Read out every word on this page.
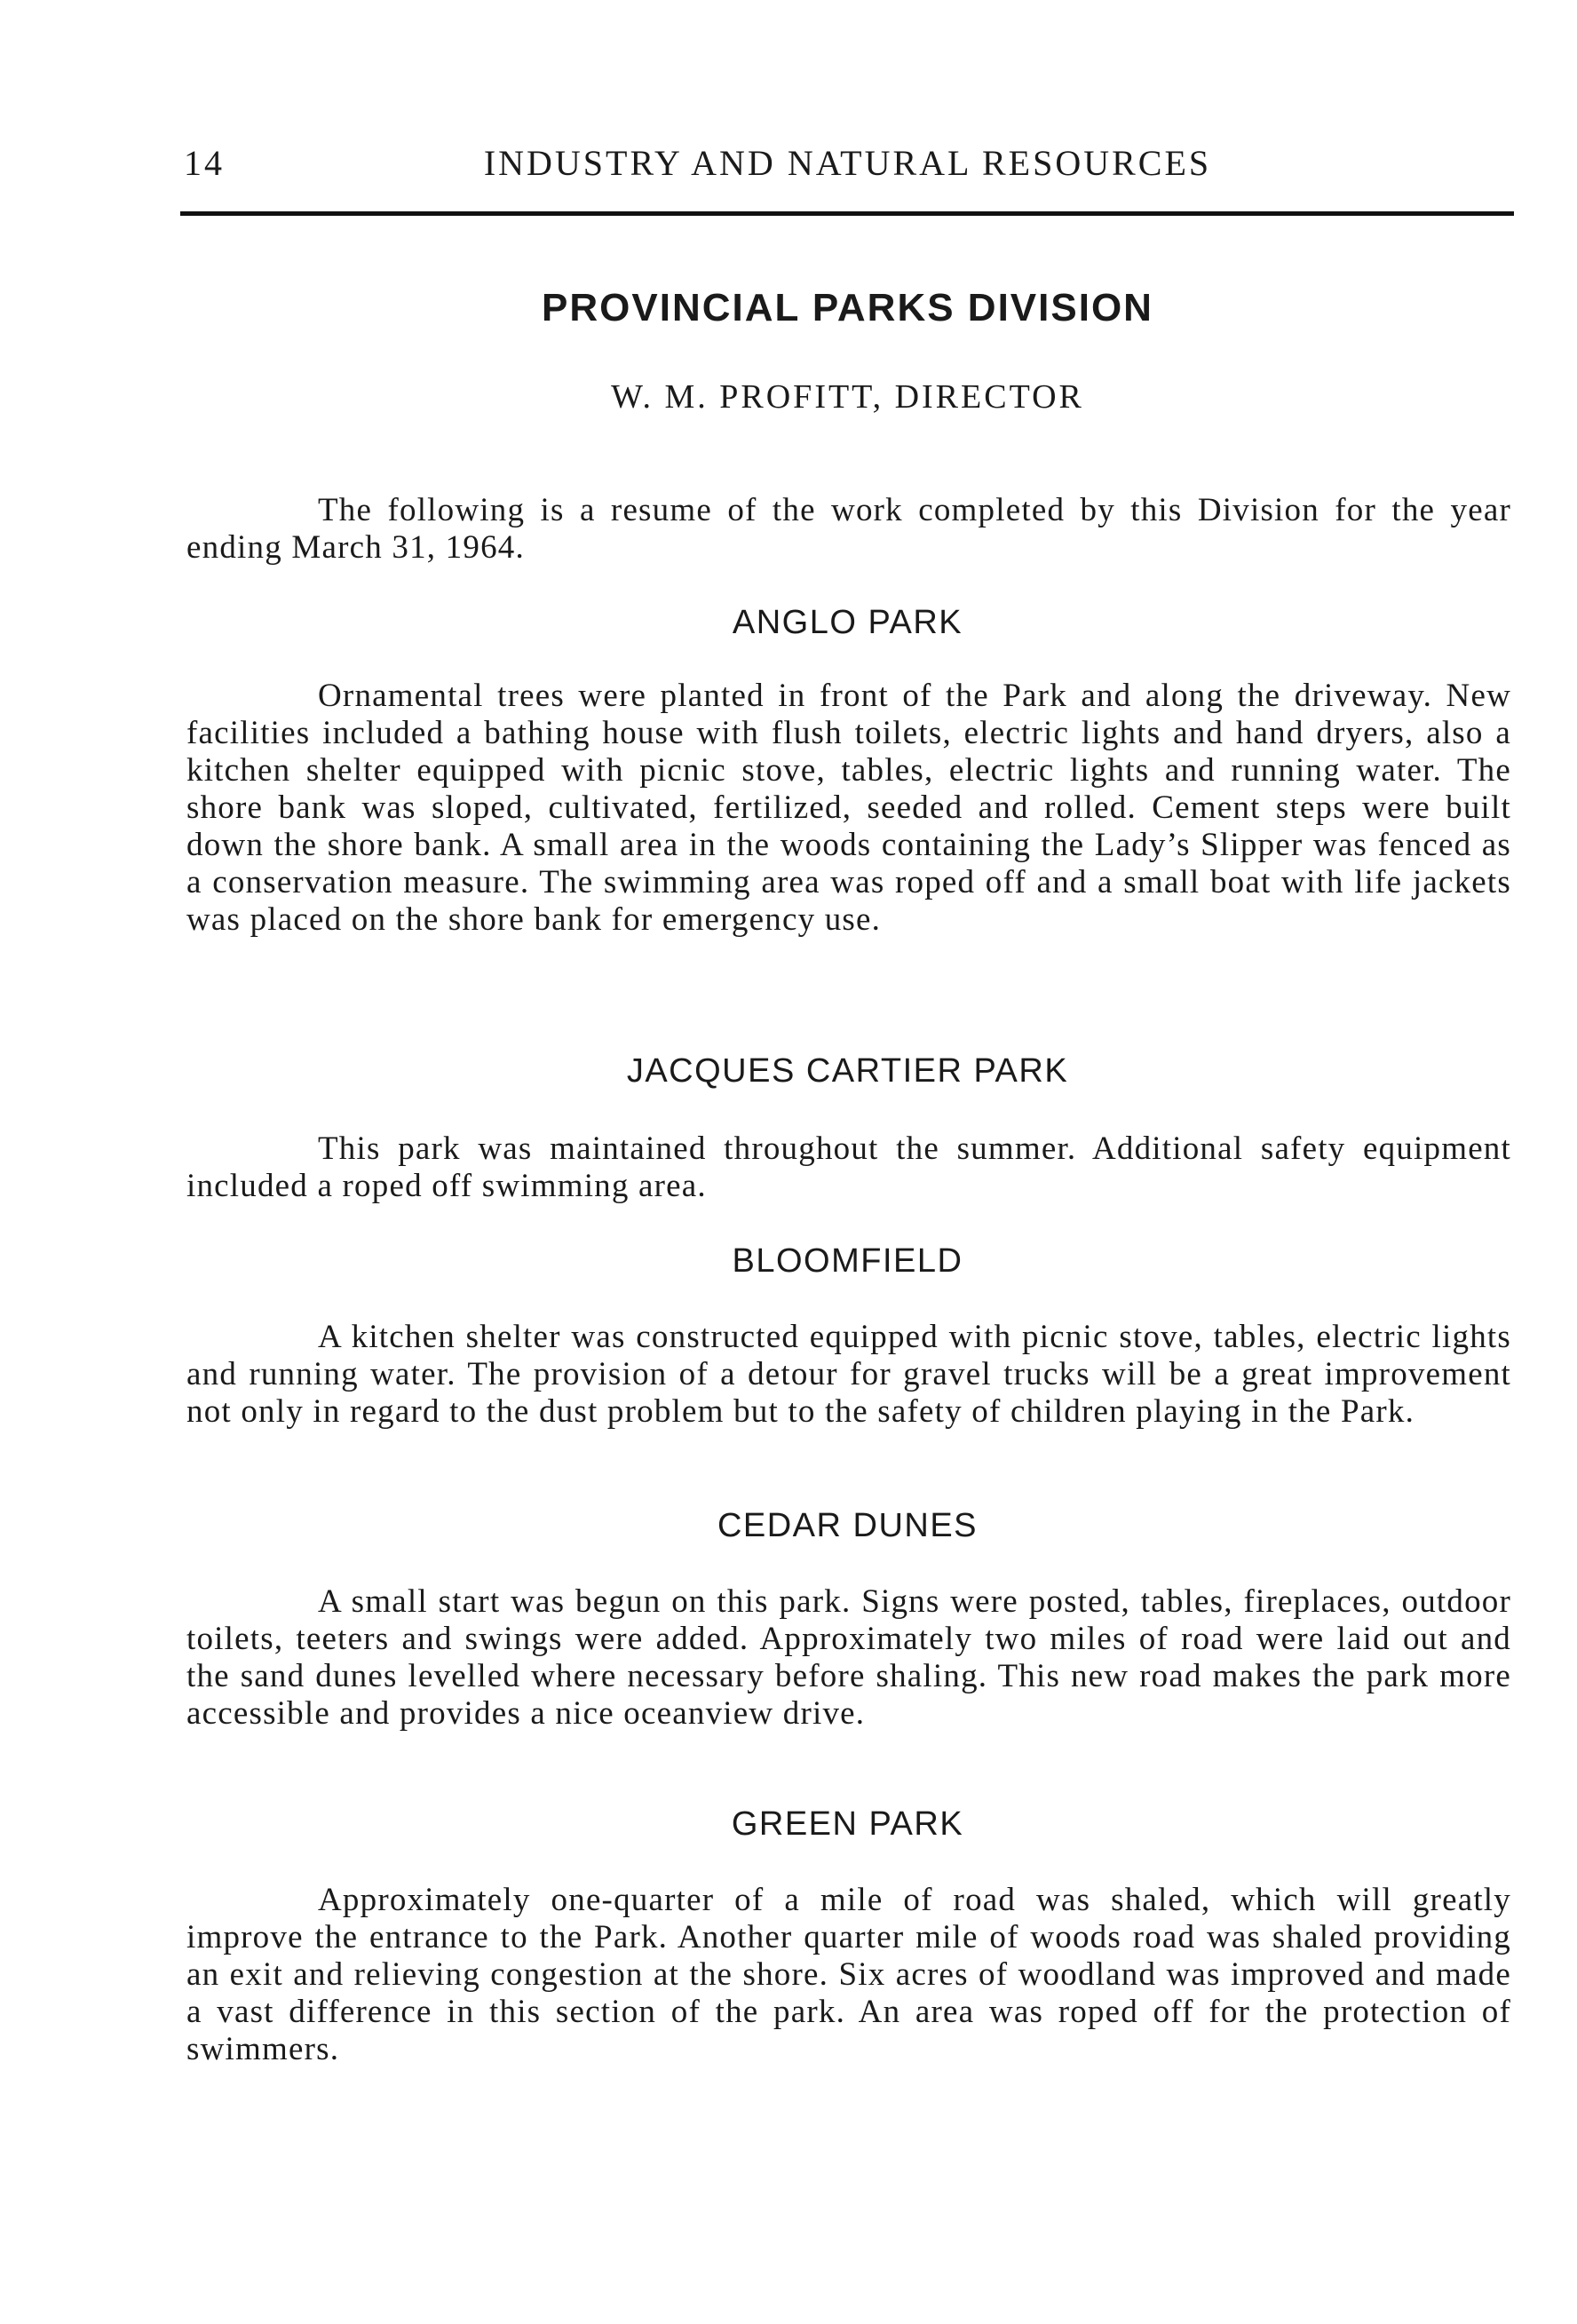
14	INDUSTRY AND NATURAL RESOURCES
PROVINCIAL PARKS DIVISION
W. M. PROFITT, DIRECTOR

The following is a resume of the work completed by this Division for the year ending March 31, 1964.

ANGLO PARK

Ornamental trees were planted in front of the Park and along the driveway. New facilities included a bathing house with flush toilets, electric lights and hand dryers, also a kitchen shelter equipped with picnic stove, tables, electric lights and running water. The shore bank was sloped, cultivated, fertilized, seeded and rolled. Cement steps were built down the shore bank. A small area in the woods containing the Lady’s Slipper was fenced as a conservation measure. The swimming area was roped off and a small boat with life jackets was placed on the shore bank for emergency use.

JACQUES CARTIER PARK

This park was maintained throughout the summer. Additional safety equipment included a roped off swimming area.

BLOOMFIELD

A kitchen shelter was constructed equipped with picnic stove, tables, electric lights and running water. The provision of a detour for gravel trucks will be a great improvement not only in regard to the dust problem but to the safety of children playing in the Park.

CEDAR DUNES

A small start was begun on this park. Signs were posted, tables, fireplaces, outdoor toilets, teeters and swings were added. Approximately two miles of road were laid out and the sand dunes levelled where necessary before shaling. This new road makes the park more accessible and provides a nice oceanview drive.

GREEN PARK

Approximately one-quarter of a mile of road was shaled, which will greatly improve the entrance to the Park. Another quarter mile of woods road was shaled providing an exit and relieving congestion at the shore. Six acres of woodland was improved and made a vast difference in this section of the park. An area was roped off for the protection of swimmers.
